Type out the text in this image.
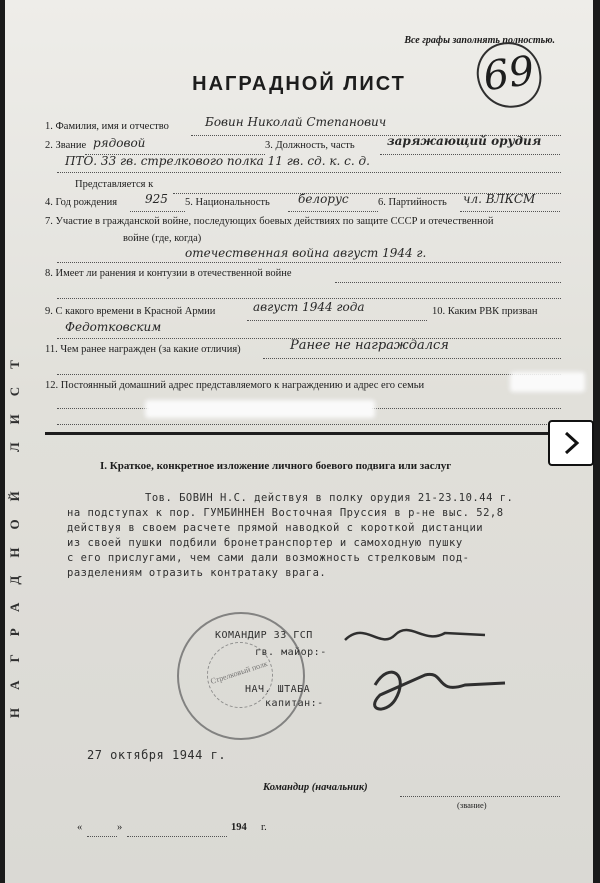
НАГРАДНОЙ ЛИСТ
Все графы заполнять полностью.
69
НАГРАДНОЙ ЛИСТ
1. Фамилия, имя и отчество	Бовин Николай Степанович
2. Звание рядовой	3. Должность, часть	заряжающий орудия
ПТО. 33 гв. стрелкового полка 11 гв. сд. к. с. д.
Представляется к
4. Год рождения 925 5. Национальность белорус	6. Партийность чл. ВЛКСМ
7. Участие в гражданской войне, последующих боевых действиях по защите СССР и отечественной
войне (где, когда)
отечественная война август 1944 г.
8. Имеет ли ранения и контузии в отечественной войне
9. С какого времени в Красной Армии	август 1944 года	10. Каким РВК призван
Федотковским
11. Чем ранее награжден (за какие отличия)	Ранее не награждался
12. Постоянный домашний адрес представляемого к награждению и адрес его семьи
I. Краткое, конкретное изложение личного боевого подвига или заслуг
Тов. БОВИН Н.С. действуя в полку орудия 21-23.10.44 г.
на подступах к пор. ГУМБИННЕН Восточная Пруссия в р-не выс. 52,8
действуя в своем расчете прямой наводкой с короткой дистанции
из своей пушки подбили бронетранспортер и самоходную пушку
с его прислугами, чем сами дали возможность стрелковым под-
разделениям отразить контратаку врага.
Стрелковый полк
КОМАНДИР 33 ГСП
гв. майор:-
НАЧ. ШТАБА
капитан:-
27 октября 1944 г.
Командир (начальник)
(звание)
«	»	194 г.
